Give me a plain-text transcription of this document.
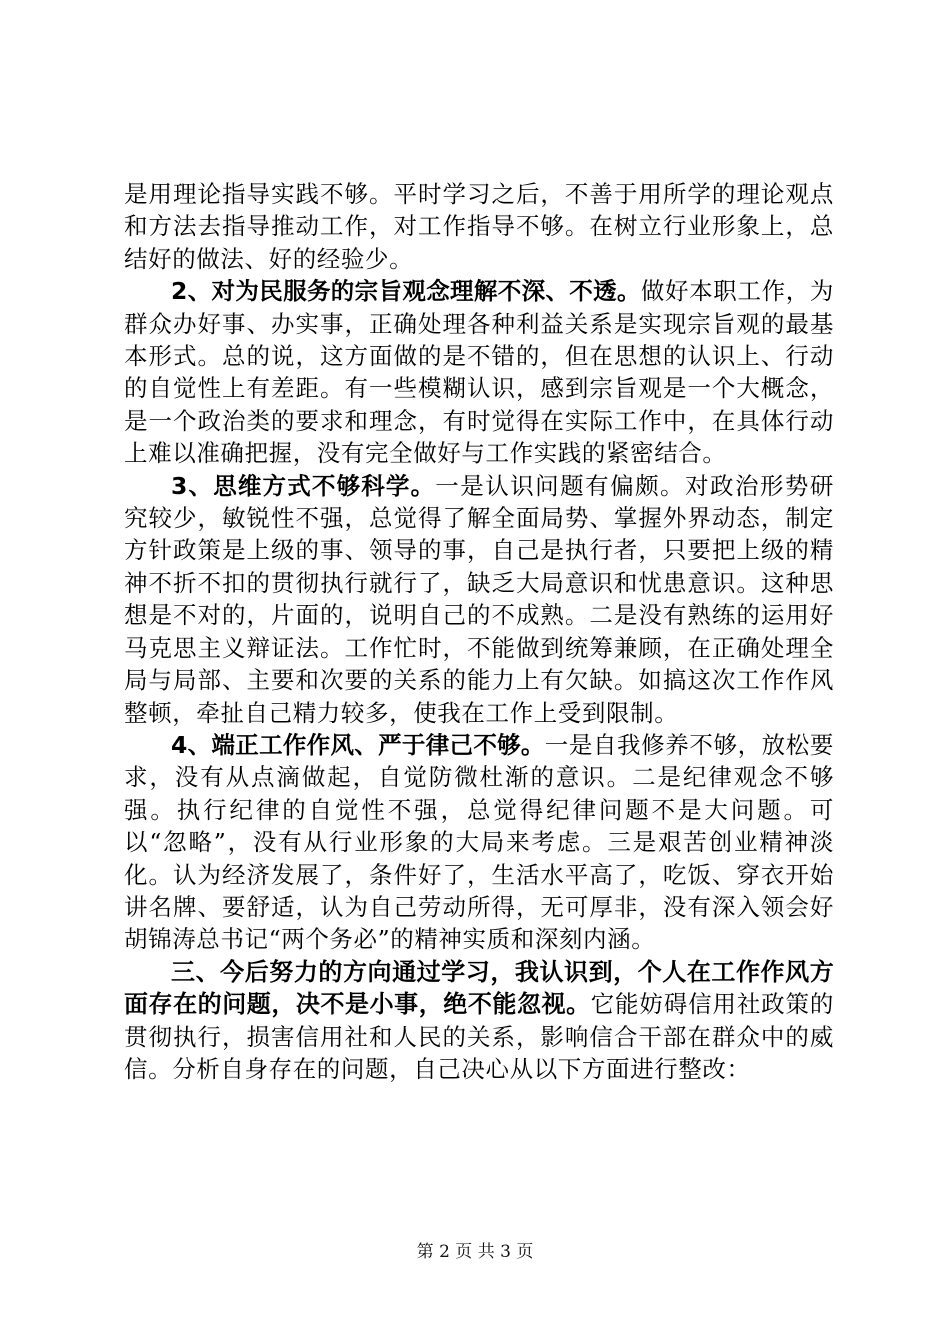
是用理论指导实践不够。平时学习之后，不善于用所学的理论观点和方法去指导推动工作，对工作指导不够。在树立行业形象上，总结好的做法、好的经验少。

2、对为民服务的宗旨观念理解不深、不透。做好本职工作，为群众办好事、办实事，正确处理各种利益关系是实现宗旨观的最基本形式。总的说，这方面做的是不错的，但在思想的认识上、行动的自觉性上有差距。有一些模糊认识，感到宗旨观是一个大概念，是一个政治类的要求和理念，有时觉得在实际工作中，在具体行动上难以准确把握，没有完全做好与工作实践的紧密结合。

3、思维方式不够科学。一是认识问题有偏颇。对政治形势研究较少，敏锐性不强，总觉得了解全面局势、掌握外界动态，制定方针政策是上级的事、领导的事，自己是执行者，只要把上级的精神不折不扣的贯彻执行就行了，缺乏大局意识和忧患意识。这种思想是不对的，片面的，说明自己的不成熟。二是没有熟练的运用好马克思主义辩证法。工作忙时，不能做到统筹兼顾，在正确处理全局与局部、主要和次要的关系的能力上有欠缺。如搞这次工作作风整顿，牵扯自己精力较多，使我在工作上受到限制。

4、端正工作作风、严于律己不够。一是自我修养不够，放松要求，没有从点滴做起，自觉防微杜渐的意识。二是纪律观念不够强。执行纪律的自觉性不强，总觉得纪律问题不是大问题。可以“忽略”，没有从行业形象的大局来考虑。三是艰苦创业精神淡化。认为经济发展了，条件好了，生活水平高了，吃饭、穿衣开始讲名牌、要舒适，认为自己劳动所得，无可厚非，没有深入领会好胡锦涛总书记“两个务必”的精神实质和深刻内涵。

三、今后努力的方向通过学习，我认识到，个人在工作作风方面存在的问题，决不是小事，绝不能忽视。它能妨碍信用社政策的贯彻执行，损害信用社和人民的关系，影响信合干部在群众中的威信。分析自身存在的问题，自己决心从以下方面进行整改：

第 2 页 共 3 页
